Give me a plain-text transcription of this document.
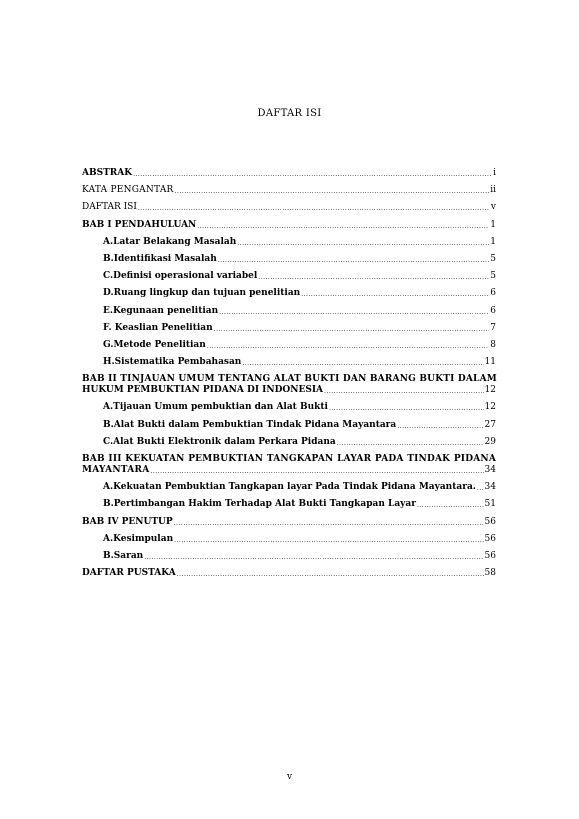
DAFTAR ISI
ABSTRAK .....	i
KATA PENGANTAR .....	ii
DAFTAR ISI .....	v
BAB I PENDAHULUAN .....	1
A.Latar Belakang Masalah .....	1
B.Identifikasi Masalah .....	5
C.Definisi operasional variabel .....	5
D.Ruang lingkup dan tujuan penelitian .....	6
E.Kegunaan penelitian .....	6
F. Keaslian Penelitian .....	7
G.Metode Penelitian .....	8
H.Sistematika Pembahasan .....	11
BAB II TINJAUAN UMUM TENTANG ALAT BUKTI DAN BARANG BUKTI DALAM
HUKUM PEMBUKTIAN PIDANA DI INDONESIA .....	12
A.Tijauan Umum pembuktian dan Alat Bukti .....	12
B.Alat Bukti dalam Pembuktian Tindak Pidana Mayantara .....	27
C.Alat Bukti Elektronik dalam Perkara Pidana .....	29
BAB III KEKUATAN PEMBUKTIAN TANGKAPAN LAYAR PADA TINDAK PIDANA
MAYANTARA .....	34
A.Kekuatan Pembuktian Tangkapan layar Pada Tindak Pidana Mayantara. ..... 34
B.Pertimbangan Hakim Terhadap Alat Bukti Tangkapan Layar .....	51
BAB IV PENUTUP .....	56
A.Kesimpulan .....	56
B.Saran .....	56
DAFTAR PUSTAKA .....	58
v
